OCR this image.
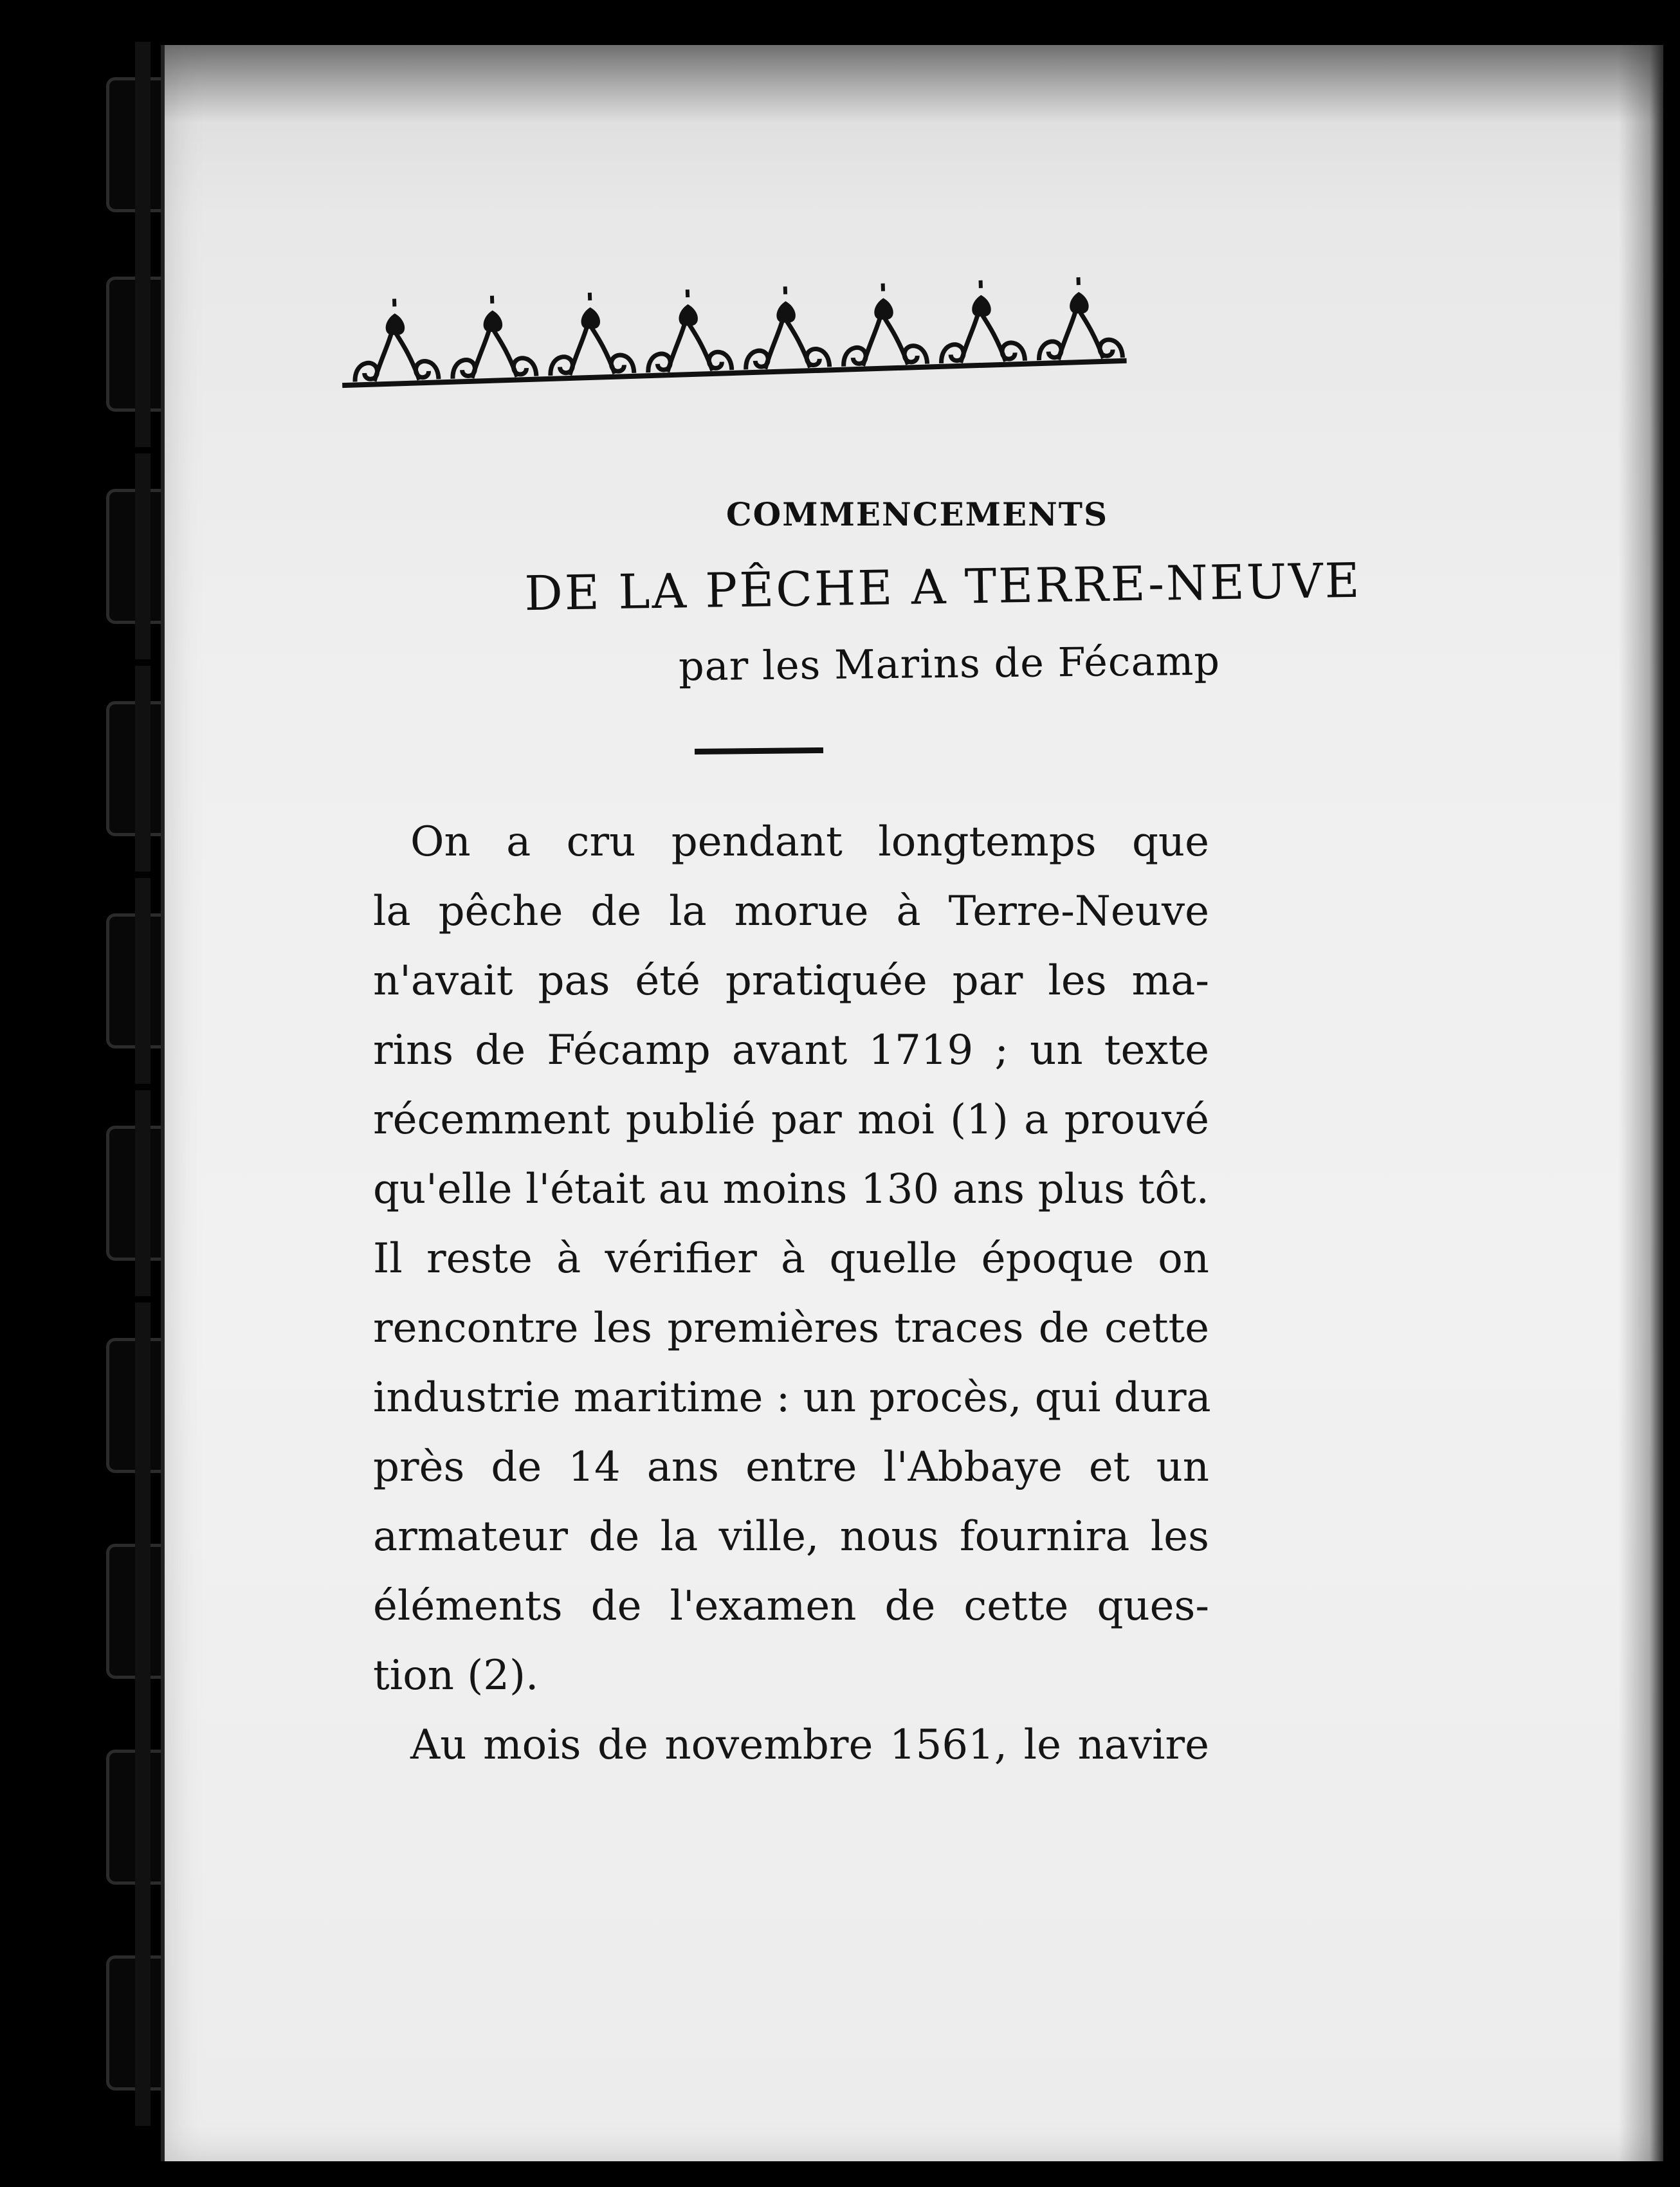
COMMENCEMENTS
DE LA PÊCHE A TERRE-NEUVE
par les Marins de Fécamp
On a cru pendant longtemps que
la pêche de la morue à Terre-Neuve
n'avait pas été pratiquée par les ma-
rins de Fécamp avant 1719 ; un texte
récemment publié par moi (1) a prouvé
qu'elle l'était au moins 130 ans plus tôt.
Il reste à vérifier à quelle époque on
rencontre les premières traces de cette
industrie maritime : un procès, qui dura
près de 14 ans entre l'Abbaye et un
armateur de la ville, nous fournira les
éléments de l'examen de cette ques-
tion (2).
Au mois de novembre 1561, le navire
